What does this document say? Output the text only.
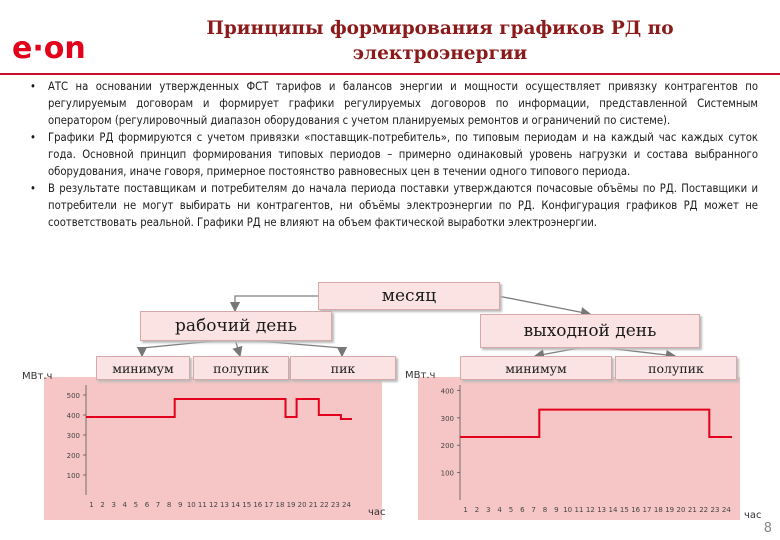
e·on
Принципы формирования графиков РД по электроэнергии

• АТС на основании утвержденных ФСТ тарифов и балансов энергии и мощности осуществляет привязку контрагентов по регулируемым договорам и формирует графики регулируемых договоров по информации, представленной Системным оператором (регулировочный диапазон оборудования с учетом планируемых ремонтов и ограничений по системе).

• Графики РД формируются с учетом привязки «поставщик-потребитель», по типовым периодам и на каждый час каждых суток года. Основной принцип формирования типовых периодов – примерно одинаковый уровень нагрузки и состава выбранного оборудования, иначе говоря, примерное постоянство равновесных цен в течении одного типового периода.

• В результате поставщикам и потребителям до начала периода поставки утверждаются почасовые объёмы по РД. Поставщики и потребители не могут выбирать ни контрагентов, ни объёмы электроэнергии по РД. Конфигурация графиков РД может не соответствовать реальной. Графики РД не влияют на объем фактической выработки электроэнергии.

МВт.ч
час
МВт.ч
час
100
200
300
400
500
1 2 3 4 5 6 7 8 9 10 11 12 13 14 15 16 17 18 19 20 21 22 23 24
100
200
300
400
1 2 3 4 5 6 7 8 9 10 11 12 13 14 15 16 17 18 19 20 21 22 23 24
месяц
рабочий день	выходной день
минимум	полупик	пик	минимум	полупик
8
